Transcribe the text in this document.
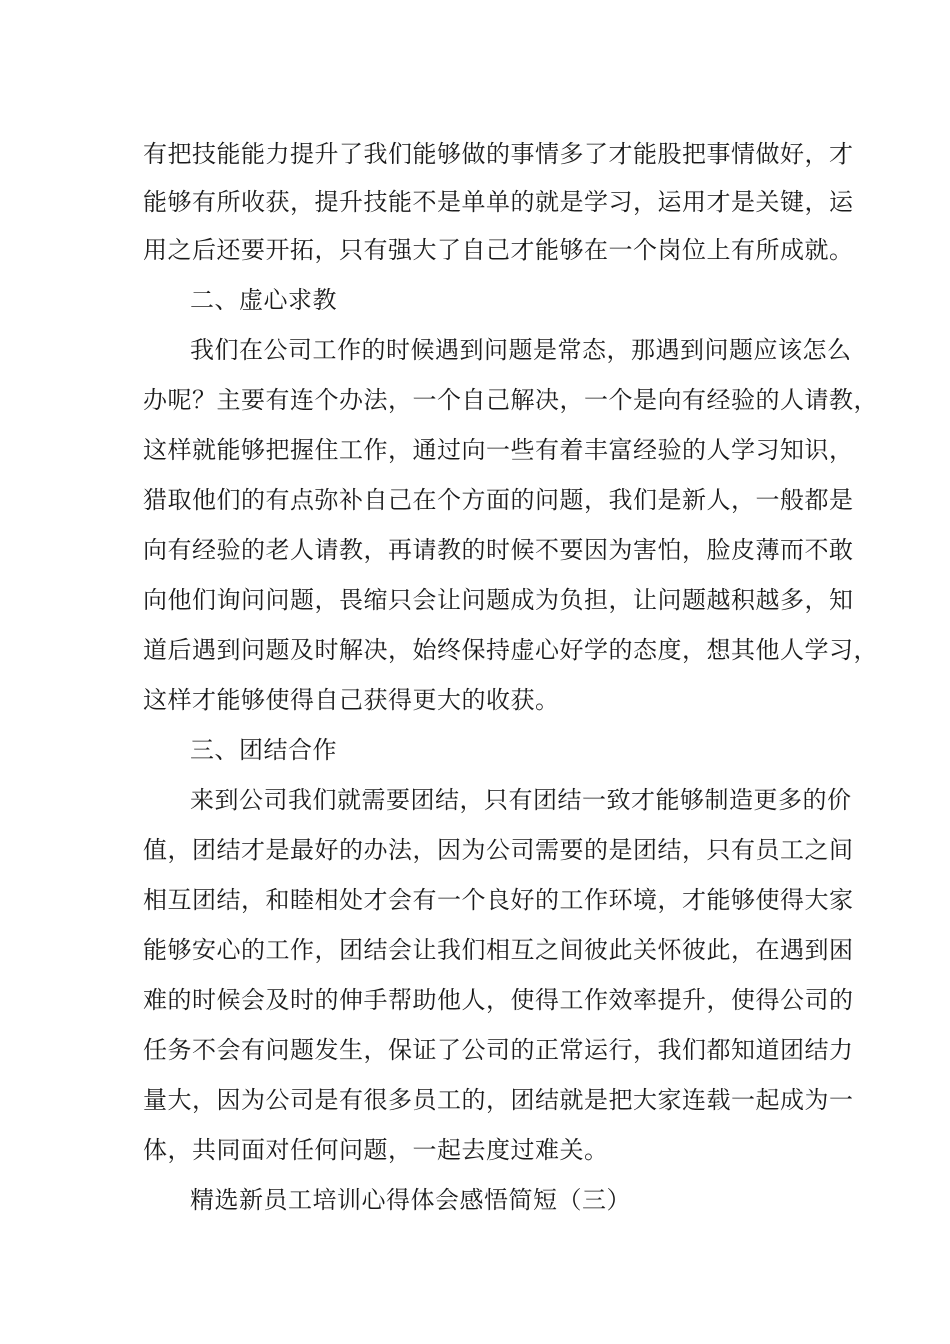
有把技能能力提升了我们能够做的事情多了才能股把事情做好，才
能够有所收获，提升技能不是单单的就是学习，运用才是关键，运
用之后还要开拓，只有强大了自己才能够在一个岗位上有所成就。
二、虚心求教
我们在公司工作的时候遇到问题是常态，那遇到问题应该怎么
办呢？主要有连个办法，一个自己解决，一个是向有经验的人请教，
这样就能够把握住工作，通过向一些有着丰富经验的人学习知识，
猎取他们的有点弥补自己在个方面的问题，我们是新人，一般都是
向有经验的老人请教，再请教的时候不要因为害怕，脸皮薄而不敢
向他们询问问题，畏缩只会让问题成为负担，让问题越积越多，知
道后遇到问题及时解决，始终保持虚心好学的态度，想其他人学习，
这样才能够使得自己获得更大的收获。
三、团结合作
来到公司我们就需要团结，只有团结一致才能够制造更多的价
值，团结才是最好的办法，因为公司需要的是团结，只有员工之间
相互团结，和睦相处才会有一个良好的工作环境，才能够使得大家
能够安心的工作，团结会让我们相互之间彼此关怀彼此，在遇到困
难的时候会及时的伸手帮助他人，使得工作效率提升，使得公司的
任务不会有问题发生，保证了公司的正常运行，我们都知道团结力
量大，因为公司是有很多员工的，团结就是把大家连载一起成为一
体，共同面对任何问题，一起去度过难关。
精选新员工培训心得体会感悟简短（三）
